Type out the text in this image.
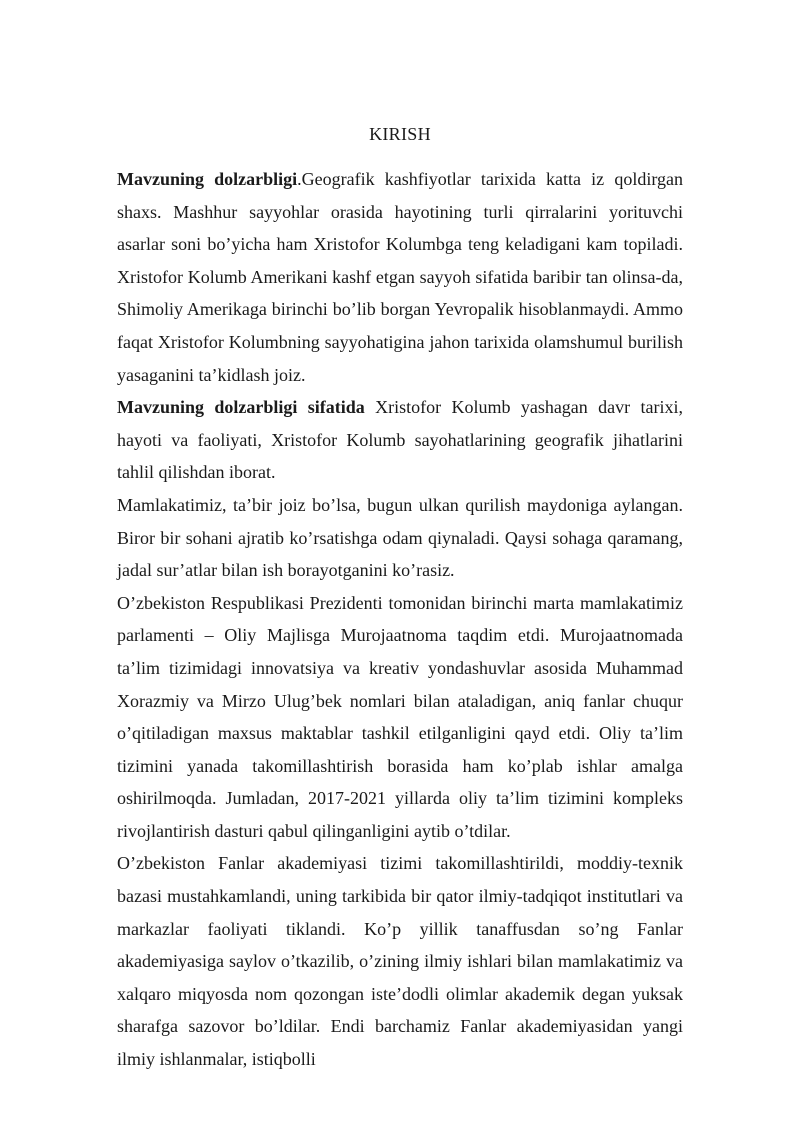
KIRISH

Mavzuning dolzarbligi.Geografik kashfiyotlar tarixida katta iz qoldirgan shaxs. Mashhur sayyohlar orasida hayotining turli qirralarini yorituvchi asarlar soni bo’yicha ham Xristofor Kolumbga teng keladigani kam topiladi. Xristofor Kolumb Amerikani kashf etgan sayyoh sifatida baribir tan olinsa-da, Shimoliy Amerikaga birinchi bo’lib borgan Yevropalik hisoblanmaydi. Ammo faqat Xristofor Kolumbning sayyohatigina jahon tarixida olamshumul burilish yasaganini ta’kidlash joiz.

Mavzuning dolzarbligi sifatida Xristofor Kolumb yashagan davr tarixi, hayoti va faoliyati, Xristofor Kolumb sayohatlarining geografik jihatlarini tahlil qilishdan iborat.

Mamlakatimiz, ta’bir joiz bo’lsa, bugun ulkan qurilish maydoniga aylangan. Biror bir sohani ajratib ko’rsatishga odam qiynaladi. Qaysi sohaga qaramang, jadal sur’atlar bilan ish borayotganini ko’rasiz.

O’zbekiston Respublikasi Prezidenti tomonidan birinchi marta mamlakatimiz parlamenti – Oliy Majlisga Murojaatnoma taqdim etdi. Murojaatnomada ta’lim tizimidagi innovatsiya va kreativ yondashuvlar asosida Muhammad Xorazmiy va Mirzo Ulug’bek nomlari bilan ataladigan, aniq fanlar chuqur o’qitiladigan maxsus maktablar tashkil etilganligini qayd etdi. Oliy ta’lim tizimini yanada takomillashtirish borasida ham ko’plab ishlar amalga oshirilmoqda. Jumladan, 2017-2021 yillarda oliy ta’lim tizimini kompleks rivojlantirish dasturi qabul qilinganligini aytib o’tdilar.

O’zbekiston Fanlar akademiyasi tizimi takomillashtirildi, moddiy-texnik bazasi mustahkamlandi, uning tarkibida bir qator ilmiy-tadqiqot institutlari va markazlar faoliyati tiklandi. Ko’p yillik tanaffusdan so’ng Fanlar akademiyasiga saylov o’tkazilib, o’zining ilmiy ishlari bilan mamlakatimiz va xalqaro miqyosda nom qozongan iste’dodli olimlar akademik degan yuksak sharafga sazovor bo’ldilar. Endi barchamiz Fanlar akademiyasidan yangi ilmiy ishlanmalar, istiqbolli
